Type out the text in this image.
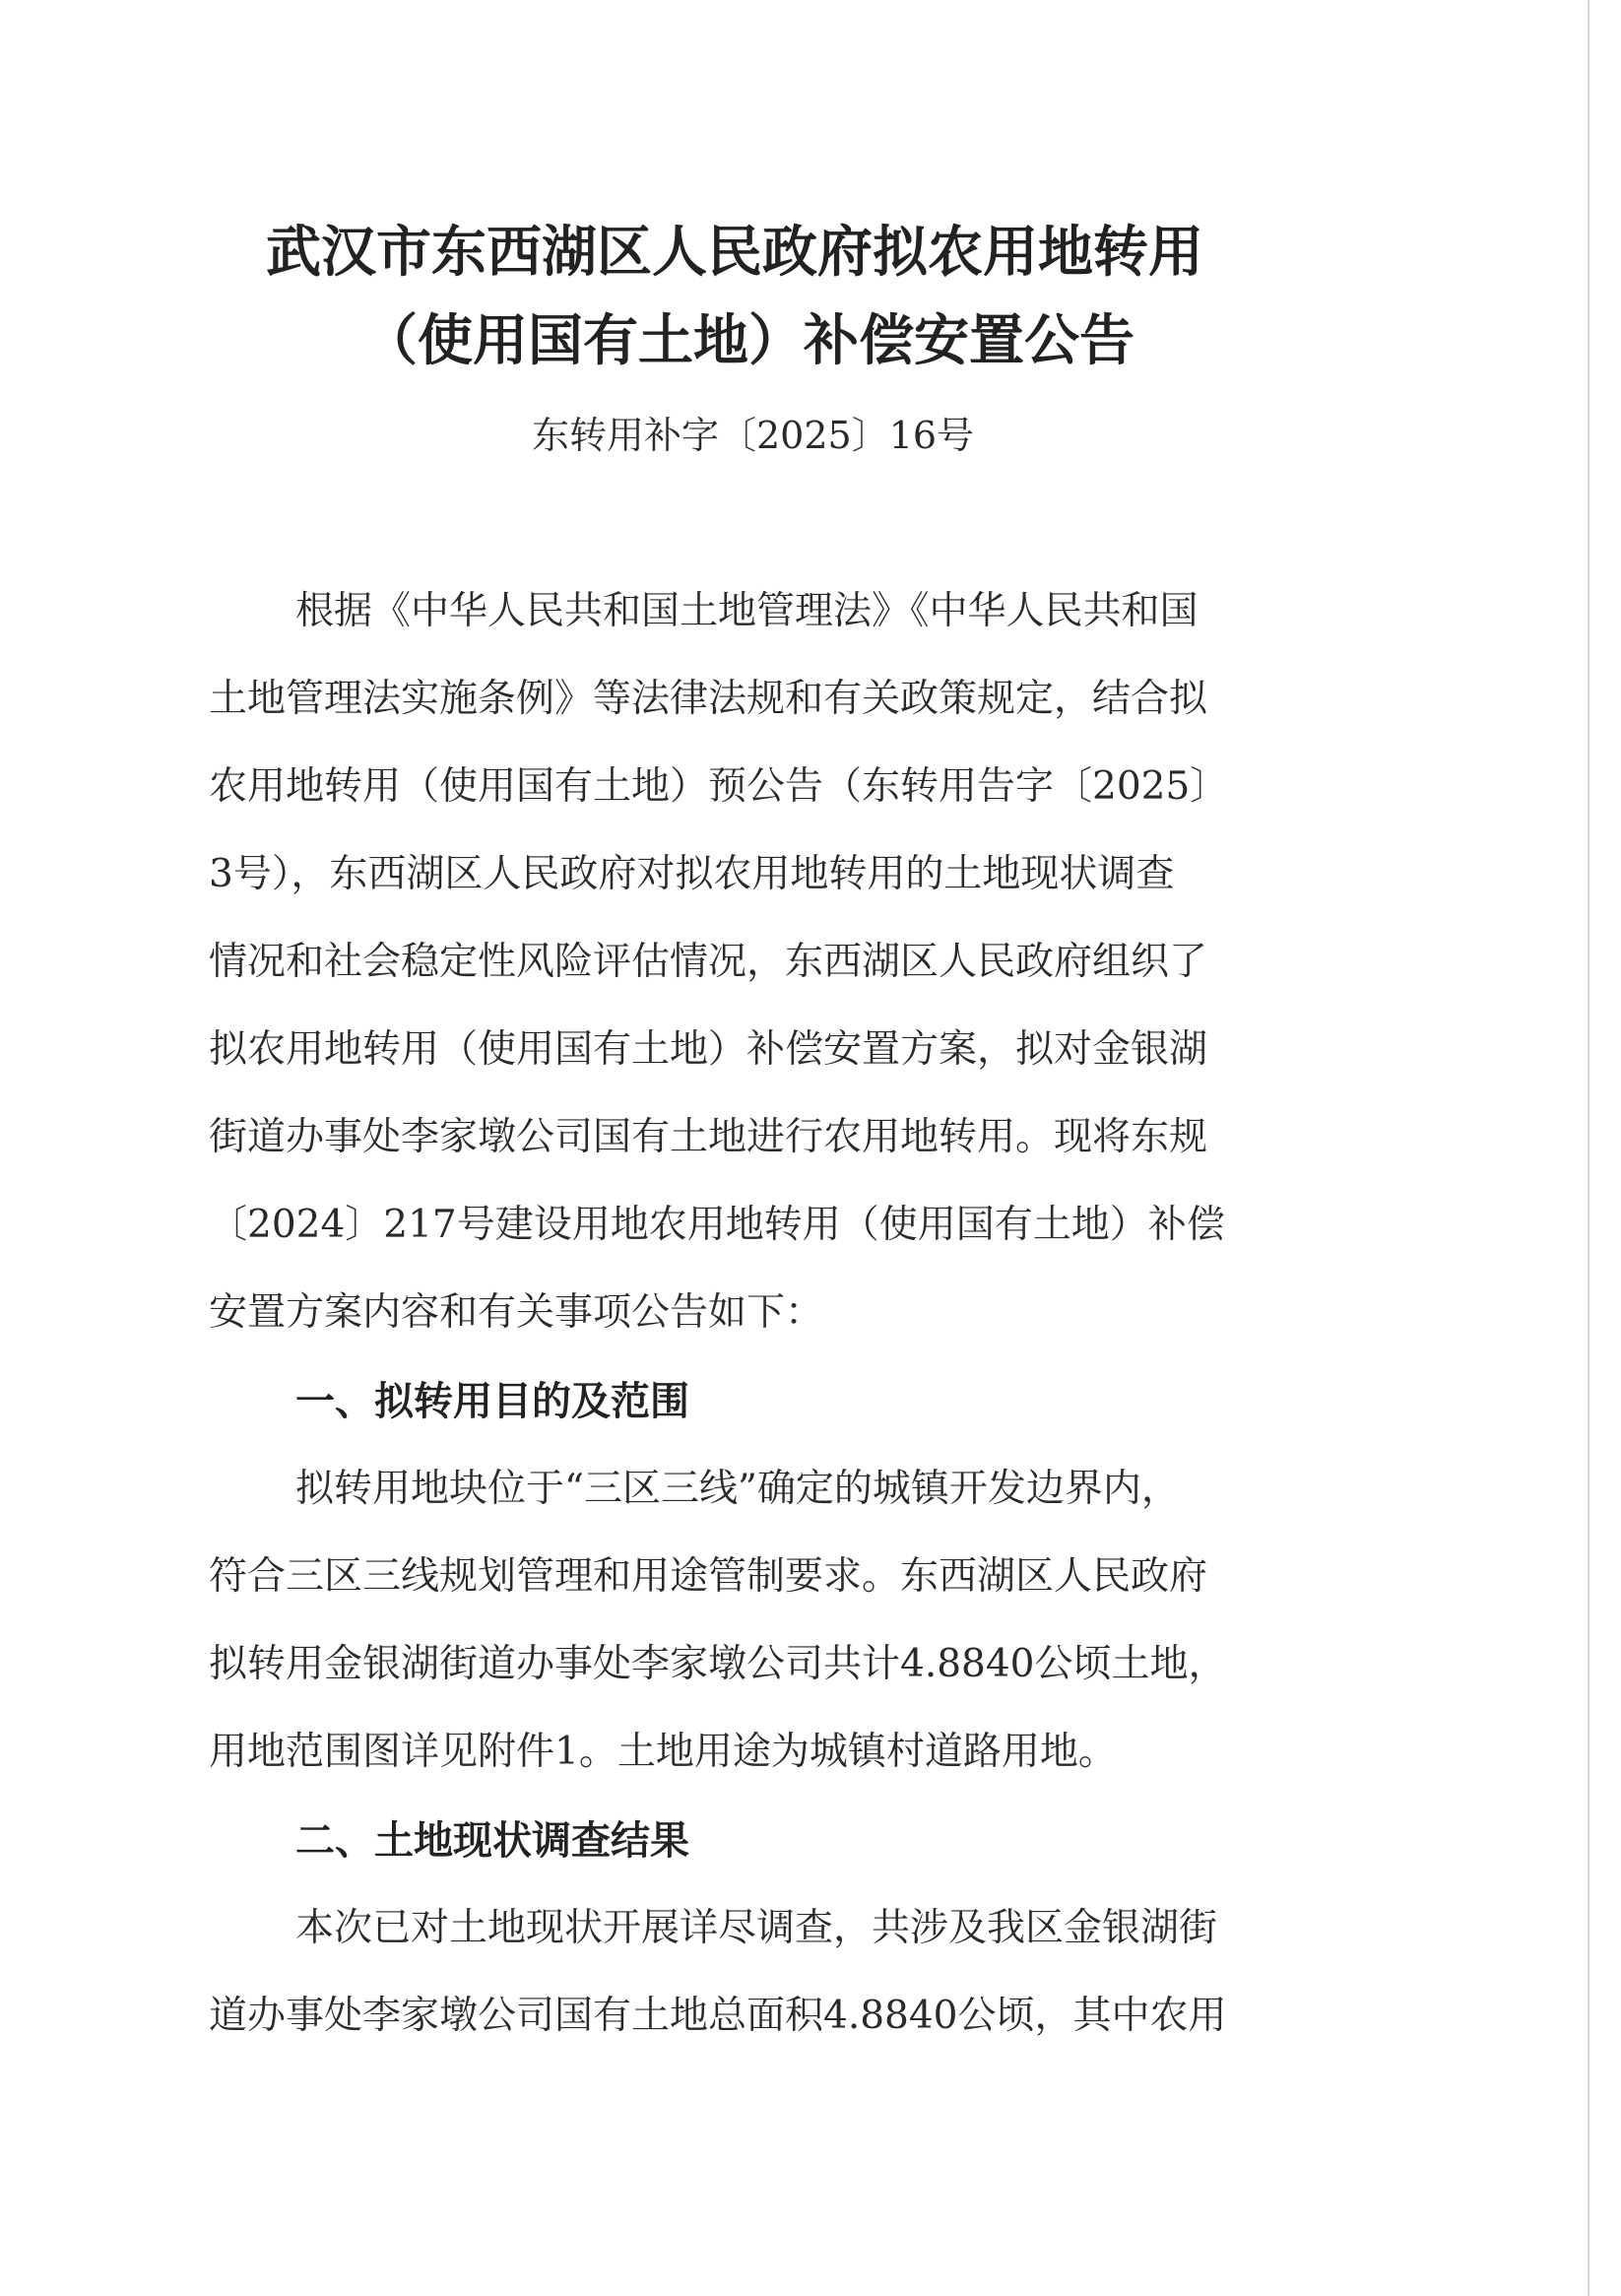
武汉市东西湖区人民政府拟农用地转用
（使用国有土地）补偿安置公告
东转用补字〔2025〕16号
根据《中华人民共和国土地管理法》《中华人民共和国
土地管理法实施条例》等法律法规和有关政策规定，结合拟
农用地转用（使用国有土地）预公告（东转用告字〔2025〕
3号），东西湖区人民政府对拟农用地转用的土地现状调查
情况和社会稳定性风险评估情况，东西湖区人民政府组织了
拟农用地转用（使用国有土地）补偿安置方案，拟对金银湖
街道办事处李家墩公司国有土地进行农用地转用。现将东规
〔2024〕217号建设用地农用地转用（使用国有土地）补偿
安置方案内容和有关事项公告如下：
一、拟转用目的及范围
拟转用地块位于“三区三线”确定的城镇开发边界内，
符合三区三线规划管理和用途管制要求。东西湖区人民政府
拟转用金银湖街道办事处李家墩公司共计4.8840公顷土地，
用地范围图详见附件1。土地用途为城镇村道路用地。
二、土地现状调查结果
本次已对土地现状开展详尽调查，共涉及我区金银湖街
道办事处李家墩公司国有土地总面积4.8840公顷，其中农用
